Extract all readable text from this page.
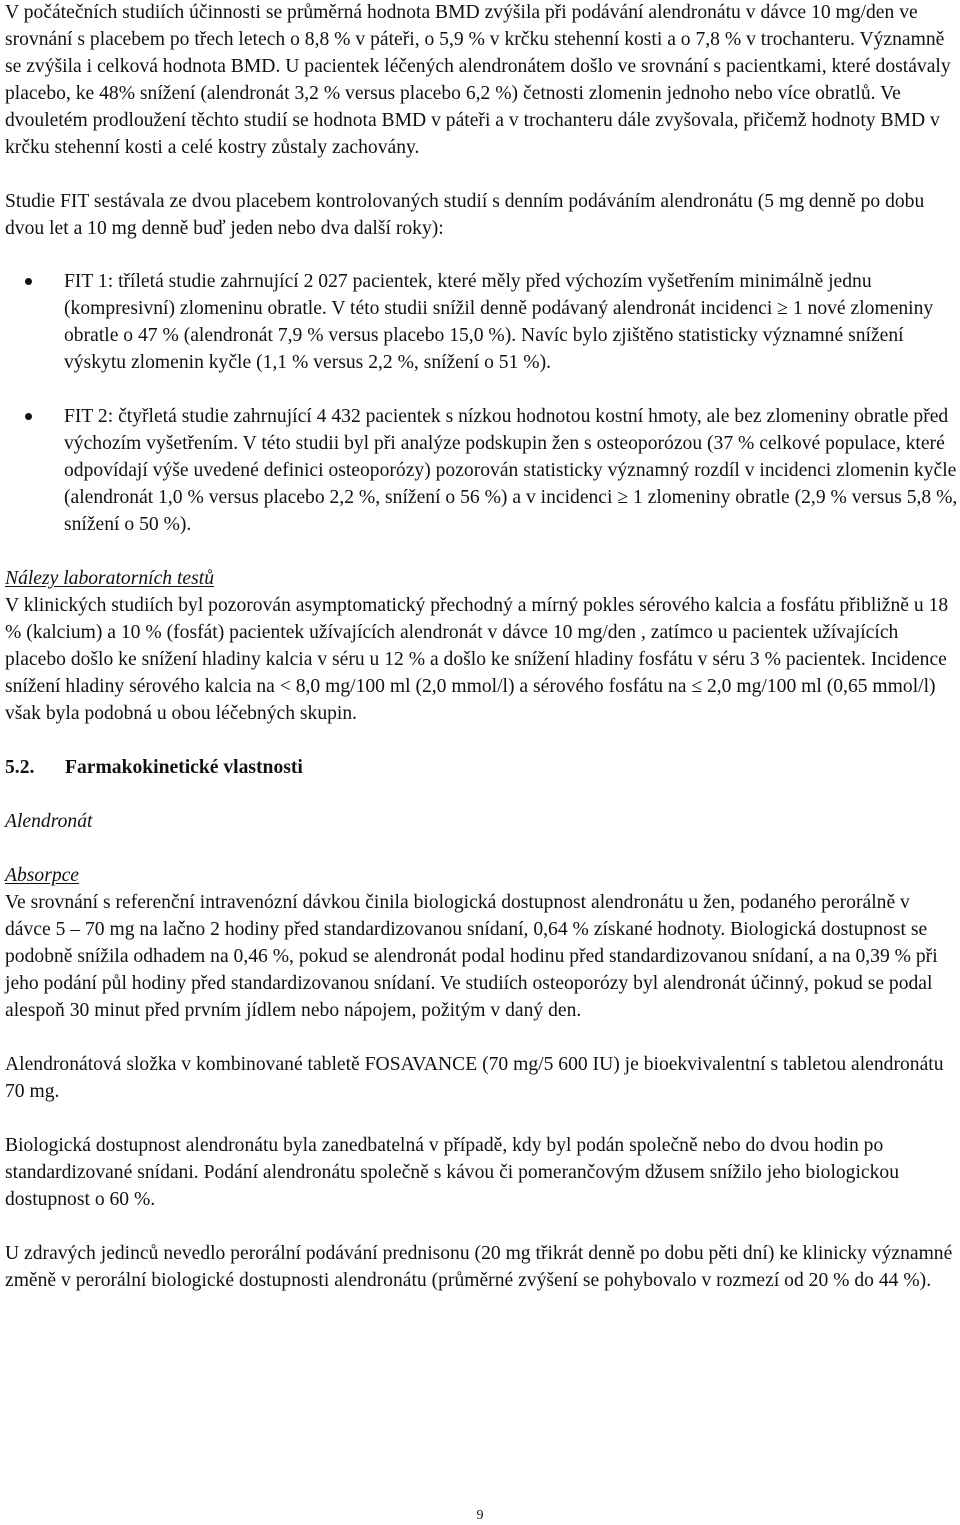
V počátečních studiích účinnosti se průměrná hodnota BMD zvýšila při podávání alendronátu v dávce 10 mg/den ve srovnání s placebem po třech letech o 8,8 % v páteři, o 5,9 % v krčku stehenní kosti a o 7,8 % v trochanteru. Významně se zvýšila i celková hodnota BMD. U pacientek léčených alendronátem došlo ve srovnání s pacientkami, které dostávaly placebo, ke 48% snížení (alendronát 3,2 % versus placebo 6,2 %) četnosti zlomenin jednoho nebo více obratlů. Ve dvouletém prodloužení těchto studií se hodnota BMD v páteři a v trochanteru dále zvyšovala, přičemž hodnoty BMD v krčku stehenní kosti a celé kostry zůstaly zachovány.

Studie FIT sestávala ze dvou placebem kontrolovaných studií s denním podáváním alendronátu (5 mg denně po dobu dvou let a 10 mg denně buď jeden nebo dva další roky):

FIT 1: tříletá studie zahrnující 2 027 pacientek, které měly před výchozím vyšetřením minimálně jednu (kompresivní) zlomeninu obratle. V této studii snížil denně podávaný alendronát incidenci ≥ 1 nové zlomeniny obratle o 47 % (alendronát 7,9 % versus placebo 15,0 %). Navíc bylo zjištěno statisticky významné snížení výskytu zlomenin kyčle (1,1 % versus 2,2 %, snížení o 51 %).
FIT 2: čtyřletá studie zahrnující 4 432 pacientek s nízkou hodnotou kostní hmoty, ale bez zlomeniny obratle před výchozím vyšetřením. V této studii byl při analýze podskupin žen s osteoporózou (37 % celkové populace, které odpovídají výše uvedené definici osteoporózy) pozorován statisticky významný rozdíl v incidenci zlomenin kyčle (alendronát 1,0 % versus placebo 2,2 %, snížení o 56 %) a v incidenci ≥ 1 zlomeniny obratle (2,9 % versus 5,8 %, snížení o 50 %).

Nálezy laboratorních testů

V klinických studiích byl pozorován asymptomatický přechodný a mírný pokles sérového kalcia a fosfátu přibližně u 18 % (kalcium) a 10 % (fosfát) pacientek užívajících alendronát v dávce 10 mg/den , zatímco u pacientek užívajících placebo došlo ke snížení hladiny kalcia v séru u 12 % a došlo ke snížení hladiny fosfátu v séru 3 % pacientek. Incidence snížení hladiny sérového kalcia na < 8,0 mg/100 ml (2,0 mmol/l) a sérového fosfátu na ≤ 2,0 mg/100 ml (0,65 mmol/l) však byla podobná u obou léčebných skupin.

5.2.	Farmakokinetické vlastnosti

Alendronát

Absorpce

Ve srovnání s referenční intravenózní dávkou činila biologická dostupnost alendronátu u žen, podaného perorálně v dávce 5 – 70 mg na lačno 2 hodiny před standardizovanou snídaní, 0,64 % získané hodnoty. Biologická dostupnost se podobně snížila odhadem na 0,46 %, pokud se alendronát podal hodinu před standardizovanou snídaní, a na 0,39 % při jeho podání půl hodiny před standardizovanou snídaní. Ve studiích osteoporózy byl alendronát účinný, pokud se podal alespoň 30 minut před prvním jídlem nebo nápojem, požitým v daný den.

Alendronátová složka v kombinované tabletě FOSAVANCE (70 mg/5 600 IU) je bioekvivalentní s tabletou alendronátu 70 mg.

Biologická dostupnost alendronátu byla zanedbatelná v případě, kdy byl podán společně nebo do dvou hodin po standardizované snídani. Podání alendronátu společně s kávou či pomerančovým džusem snížilo jeho biologickou dostupnost o 60 %.

U zdravých jedinců nevedlo perorální podávání prednisonu (20 mg třikrát denně po dobu pěti dní) ke klinicky významné změně v perorální biologické dostupnosti alendronátu (průměrné zvýšení se pohybovalo v rozmezí od 20 % do 44 %).

9
